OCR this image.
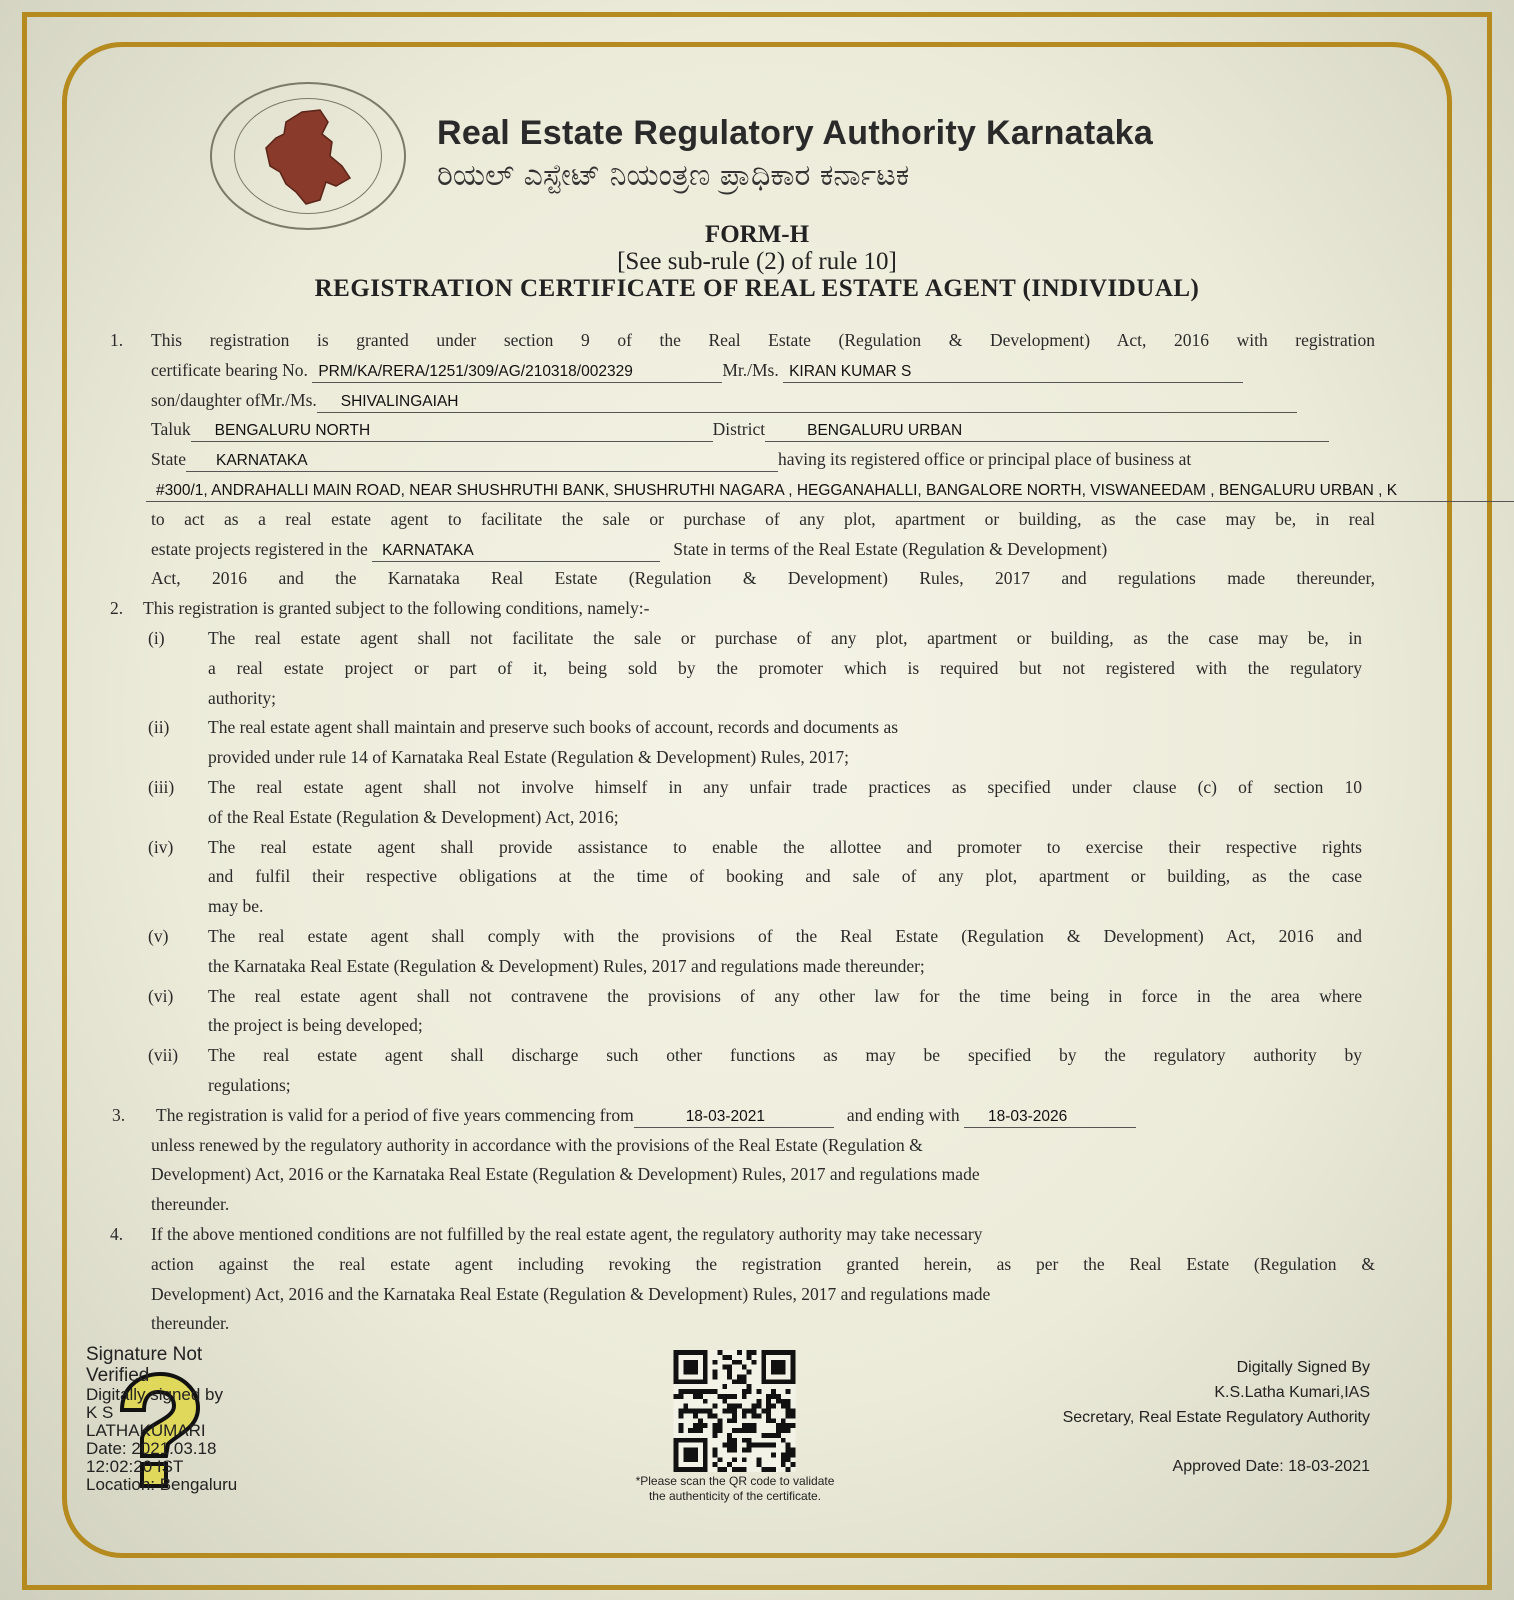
Real Estate Regulatory Authority Karnataka
ರಿಯಲ್ ಎಸ್ಟೇಟ್ ನಿಯಂತ್ರಣ ಪ್ರಾಧಿಕಾರ ಕರ್ನಾಟಕ
FORM-H
[See sub-rule (2) of rule 10]
REGISTRATION CERTIFICATE OF REAL ESTATE AGENT (INDIVIDUAL)
1. This registration is granted under section 9 of the Real Estate (Regulation & Development) Act, 2016 with registration
certificate bearing No. PRM/KA/RERA/1251/309/AG/210318/002329	Mr./Ms. KIRAN KUMAR S
son/daughter ofMr./Ms. SHIVALINGAIAH
Taluk BENGALURU NORTH	District	BENGALURU URBAN
State KARNATAKA	having its registered office or principal place of business at
#300/1, ANDRAHALLI MAIN ROAD, NEAR SHUSHRUTHI BANK, SHUSHRUTHI NAGARA , HEGGANAHALLI, BANGALORE NORTH, VISWANEEDAM , BENGALURU URBAN , K
to act as a real estate agent to facilitate the sale or purchase of any plot, apartment or building, as the case may be, in real
estate projects registered in the KARNATAKA	State in terms of the Real Estate (Regulation & Development)
Act, 2016 and the Karnataka Real Estate (Regulation & Development) Rules, 2017 and regulations made thereunder,
2. This registration is granted subject to the following conditions, namely:-
(i) The real estate agent shall not facilitate the sale or purchase of any plot, apartment or building, as the case may be, in
a real estate project or part of it, being sold by the promoter which is required but not registered with the regulatory
authority;
(ii) The real estate agent shall maintain and preserve such books of account, records and documents as
provided under rule 14 of Karnataka Real Estate (Regulation & Development) Rules, 2017;
(iii) The real estate agent shall not involve himself in any unfair trade practices as specified under clause (c) of section 10
of the Real Estate (Regulation & Development) Act, 2016;
(iv) The real estate agent shall provide assistance to enable the allottee and promoter to exercise their respective rights
and fulfil their respective obligations at the time of booking and sale of any plot, apartment or building, as the case
may be.
(v) The real estate agent shall comply with the provisions of the Real Estate (Regulation & Development) Act, 2016 and
the Karnataka Real Estate (Regulation & Development) Rules, 2017 and regulations made thereunder;
(vi) The real estate agent shall not contravene the provisions of any other law for the time being in force in the area where
the project is being developed;
(vii) The real estate agent shall discharge such other functions as may be specified by the regulatory authority by
regulations;
3. The registration is valid for a period of five years commencing from	18-03-2021	and ending with 18-03-2026
unless renewed by the regulatory authority in accordance with the provisions of the Real Estate (Regulation &
Development) Act, 2016 or the Karnataka Real Estate (Regulation & Development) Rules, 2017 and regulations made
thereunder.
4. If the above mentioned conditions are not fulfilled by the real estate agent, the regulatory authority may take necessary
action against the real estate agent including revoking the registration granted herein, as per the Real Estate (Regulation &
Development) Act, 2016 and the Karnataka Real Estate (Regulation & Development) Rules, 2017 and regulations made
thereunder.
Signature Not Verified
Digitally signed by
K S
LATHAKUMARI
Date: 2021.03.18
12:02:20 IST
Location: Bengaluru	*Please scan the QR code to validate
the authenticity of the certificate.
Digitally Signed By
K.S.Latha Kumari,IAS
Secretary, Real Estate Regulatory Authority
Approved Date: 18-03-2021
